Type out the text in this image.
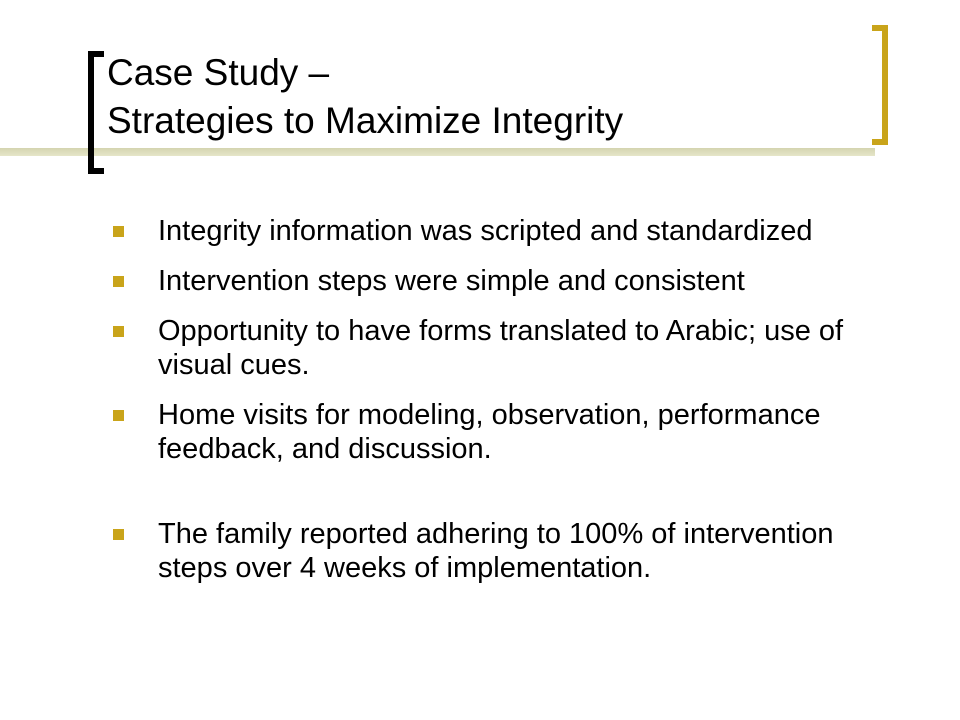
Case Study –
Strategies to Maximize Integrity
Integrity information was scripted and standardized
Intervention steps were simple and consistent
Opportunity to have forms translated to Arabic; use of visual cues.
Home visits for modeling, observation, performance feedback, and discussion.
The family reported adhering to 100% of intervention steps over 4 weeks of implementation.
